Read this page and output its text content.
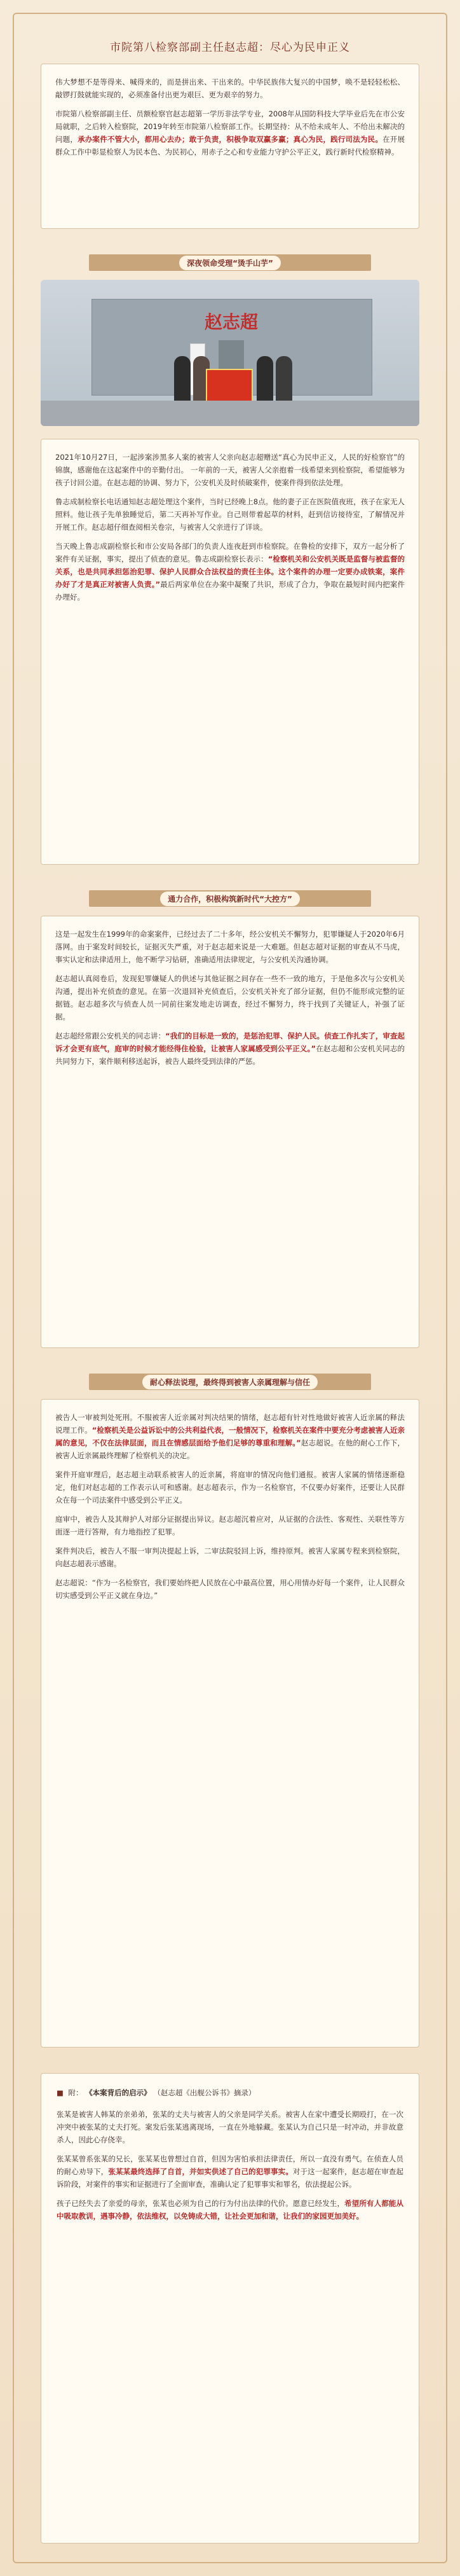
市院第八检察部副主任赵志超：尽心为民申正义

伟大梦想不是等得来、喊得来的，而是拼出来、干出来的。中华民族伟大复兴的中国梦，唤不是轻轻松松、敲锣打鼓就能实现的，必须准备付出更为艰巨、更为艰辛的努力。

市院第八检察部副主任、员额检察官赵志超第一学历非法学专业，2008年从国防科技大学毕业后先在市公安局就职，之后转入检察院，2019年转至市院第八检察部工作。长期坚持：从不给未成年人、不给出未解决的问题，承办案件不管大小，都用心去办；敢于负责，积极争取双赢多赢；真心为民，践行司法为民。在开展群众工作中彰显检察人为民本色、为民初心，用赤子之心和专业能力守护公平正义，践行新时代检察精神。

深夜领命受理“烫手山芋”
赵志超

2021年10月27日，一起涉案涉黑多人案的被害人父亲向赵志超赠送“真心为民申正义，人民的好检察官”的锦旗，感谢他在这起案件中的辛勤付出。 一年前的一天，被害人父亲抱着一线希望来到检察院，希望能够为孩子讨回公道。在赵志超的协调、努力下，公安机关及时侦破案件，使案件得到依法处理。

鲁志成制检察长电话通知赵志超处理这个案件，当时已经晚上8点。他的妻子正在医院值夜班，孩子在家无人照料。他让孩子先单独睡觉后，第二天再补写作业。自己则带着起草的材料，赶到信访接待室，了解情况并开展工作。赵志超仔细查阅相关卷宗，与被害人父亲进行了详谈。

当天晚上鲁志成副检察长和市公安局各部门的负责人连夜赶到市检察院。在鲁检的安排下，双方一起分析了案件有关证据，事实，提出了侦查的意见。鲁志成副检察长表示：“检察机关和公安机关既是监督与被监督的关系，也是共同承担惩治犯罪、保护人民群众合法权益的责任主体。这个案件的办理一定要办成铁案，案件办好了才是真正对被害人负责。”最后两家单位在办案中凝聚了共识，形成了合力，争取在最短时间内把案件办理好。

通力合作，积极构筑新时代“大控方”

这是一起发生在1999年的命案案件，已经过去了二十多年，经公安机关不懈努力，犯罪嫌疑人于2020年6月落网。由于案发时间较长，证据灭失严重，对于赵志超来说是一大难题。但赵志超对证据的审查从不马虎，事实认定和法律适用上，他不断学习钻研，准确适用法律规定，与公安机关沟通协调。

赵志超认真阅卷后，发现犯罪嫌疑人的供述与其他证据之间存在一些不一致的地方，于是他多次与公安机关沟通，提出补充侦查的意见。在第一次退回补充侦查后，公安机关补充了部分证据，但仍不能形成完整的证据链。赵志超多次与侦查人员一同前往案发地走访调查，经过不懈努力，终于找到了关键证人，补强了证据。

赵志超经常跟公安机关的同志讲：“我们的目标是一致的，是惩治犯罪、保护人民。侦查工作扎实了，审查起诉才会更有底气，庭审的时候才能经得住检验，让被害人家属感受到公平正义。”在赵志超和公安机关同志的共同努力下，案件顺利移送起诉，被告人最终受到法律的严惩。

耐心释法说理，最终得到被害人亲属理解与信任

被告人一审被判处死刑。不服被害人近亲属对判决结果的情绪，赵志超有针对性地做好被害人近亲属的释法说理工作。“检察机关是公益诉讼中的公共利益代表，一般情况下，检察机关在案件中要充分考虑被害人近亲属的意见，不仅在法律层面，而且在情感层面给予他们足够的尊重和理解。”赵志超说。在他的耐心工作下，被害人近亲属最终理解了检察机关的决定。

案件开庭审理后，赵志超主动联系被害人的近亲属，将庭审的情况向他们通报。被害人家属的情绪逐渐稳定，他们对赵志超的工作表示认可和感谢。赵志超表示，作为一名检察官，不仅要办好案件，还要让人民群众在每一个司法案件中感受到公平正义。

庭审中，被告人及其辩护人对部分证据提出异议。赵志超沉着应对，从证据的合法性、客观性、关联性等方面逐一进行答辩，有力地指控了犯罪。

案件判决后，被告人不服一审判决提起上诉，二审法院驳回上诉，维持原判。被害人家属专程来到检察院，向赵志超表示感谢。

赵志超说：“作为一名检察官，我们要始终把人民放在心中最高位置，用心用情办好每一个案件，让人民群众切实感受到公平正义就在身边。”

■ 附： 《本案背后的启示》 （赵志超《出舰公诉书》摘录）

张某是被害人韩某的亲弟弟，张某的丈夫与被害人的父亲是同学关系。被害人在家中遭受长期殴打，在一次冲突中被张某的丈夫打死。案发后张某逃离现场，一直在外地躲藏。张某认为自己只是一时冲动，并非故意杀人，因此心存侥幸。

张某某曾系张某的兄长，张某某也曾想过自首，但因为害怕承担法律责任，所以一直没有勇气。在侦查人员的耐心劝导下，张某某最终选择了自首，并如实供述了自己的犯罪事实。对于这一起案件，赵志超在审查起诉阶段，对案件的事实和证据进行了全面审查，准确认定了犯罪事实和罪名，依法提起公诉。

孩子已经失去了亲爱的母亲，张某也必须为自己的行为付出法律的代价。愿意已经发生，希望所有人都能从中吸取教训，遇事冷静，依法维权，以免铸成大错，让社会更加和谐，让我们的家园更加美好。
